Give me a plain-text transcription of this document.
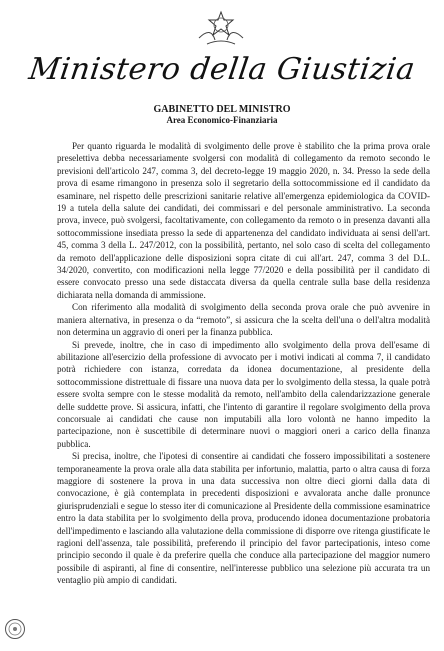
Ministero della Giustizia
GABINETTO DEL MINISTRO
Area Economico-Finanziaria

Per quanto riguarda le modalità di svolgimento delle prove è stabilito che la prima prova orale preselettiva debba necessariamente svolgersi con modalità di collegamento da remoto secondo le previsioni dell'articolo 247, comma 3, del decreto-legge 19 maggio 2020, n. 34. Presso la sede della prova di esame rimangono in presenza solo il segretario della sottocommissione ed il candidato da esaminare, nel rispetto delle prescrizioni sanitarie relative all'emergenza epidemiologica da COVID-19 a tutela della salute dei candidati, dei commissari e del personale amministrativo. La seconda prova, invece, può svolgersi, facoltativamente, con collegamento da remoto o in presenza davanti alla sottocommissione insediata presso la sede di appartenenza del candidato individuata ai sensi dell'art. 45, comma 3 della L. 247/2012, con la possibilità, pertanto, nel solo caso di scelta del collegamento da remoto dell'applicazione delle disposizioni sopra citate di cui all'art. 247, comma 3 del D.L. 34/2020, convertito, con modificazioni nella legge 77/2020 e della possibilità per il candidato di essere convocato presso una sede distaccata diversa da quella centrale sulla base della residenza dichiarata nella domanda di ammissione.

Con riferimento alla modalità di svolgimento della seconda prova orale che può avvenire in maniera alternativa, in presenza o da “remoto”, si assicura che la scelta dell'una o dell'altra modalità non determina un aggravio di oneri per la finanza pubblica.

Si prevede, inoltre, che in caso di impedimento allo svolgimento della prova dell'esame di abilitazione all'esercizio della professione di avvocato per i motivi indicati al comma 7, il candidato potrà richiedere con istanza, corredata da idonea documentazione, al presidente della sottocommissione distrettuale di fissare una nuova data per lo svolgimento della stessa, la quale potrà essere svolta sempre con le stesse modalità da remoto, nell'ambito della calendarizzazione generale delle suddette prove. Si assicura, infatti, che l'intento di garantire il regolare svolgimento della prova concorsuale ai candidati che cause non imputabili alla loro volontà ne hanno impedito la partecipazione, non è suscettibile di determinare nuovi o maggiori oneri a carico della finanza pubblica.

Si precisa, inoltre, che l'ipotesi di consentire ai candidati che fossero impossibilitati a sostenere temporaneamente la prova orale alla data stabilita per infortunio, malattia, parto o altra causa di forza maggiore di sostenere la prova in una data successiva non oltre dieci giorni dalla data di convocazione, è già contemplata in precedenti disposizioni e avvalorata anche dalle pronunce giurisprudenziali e segue lo stesso iter di comunicazione al Presidente della commissione esaminatrice entro la data stabilita per lo svolgimento della prova, producendo idonea documentazione probatoria dell'impedimento e lasciando alla valutazione della commissione di disporre ove ritenga giustificate le ragioni dell'assenza, tale possibilità, preferendo il principio del favor partecipationis, inteso come principio secondo il quale è da preferire quella che conduce alla partecipazione del maggior numero possibile di aspiranti, al fine di consentire, nell'interesse pubblico una selezione più accurata tra un ventaglio più ampio di candidati.
